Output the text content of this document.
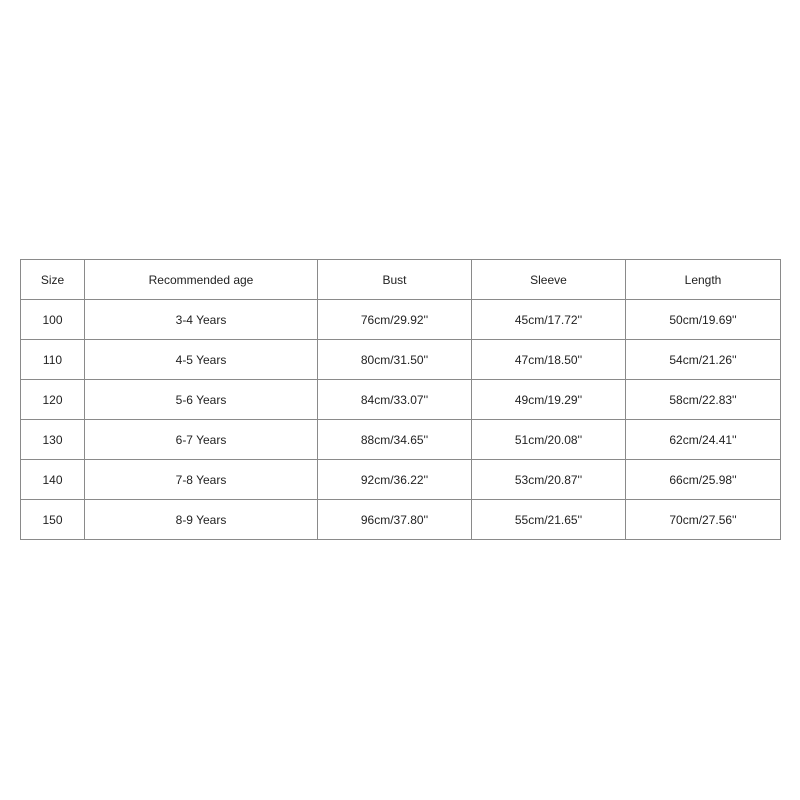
Size	Recommended age	Bust	Sleeve	Length
100	3-4 Years	76cm/29.92''	45cm/17.72''	50cm/19.69''
110	4-5 Years	80cm/31.50''	47cm/18.50''	54cm/21.26''
120	5-6 Years	84cm/33.07''	49cm/19.29''	58cm/22.83''
130	6-7 Years	88cm/34.65''	51cm/20.08''	62cm/24.41''
140	7-8 Years	92cm/36.22''	53cm/20.87''	66cm/25.98''
150	8-9 Years	96cm/37.80''	55cm/21.65''	70cm/27.56''
